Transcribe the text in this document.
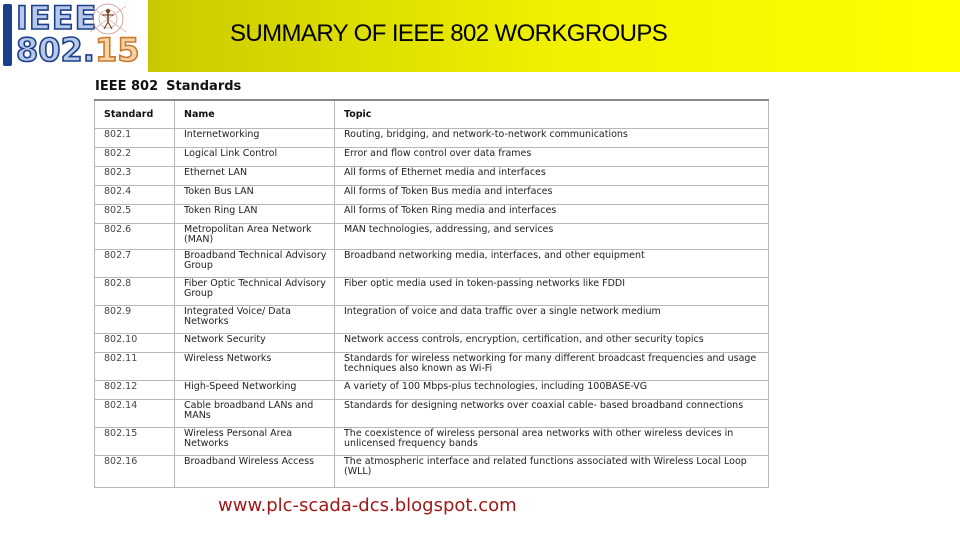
IEEE
802.15	SUMMARY OF IEEE 802 WORKGROUPS
IEEE 802 Standards
Standard	Name	Topic
802.1	Internetworking	Routing, bridging, and network-to-network communications
802.2	Logical Link Control	Error and flow control over data frames
802.3	Ethernet LAN	All forms of Ethernet media and interfaces
802.4	Token Bus LAN	All forms of Token Bus media and interfaces
802.5	Token Ring LAN	All forms of Token Ring media and interfaces
802.6	Metropolitan Area Network (MAN)	MAN technologies, addressing, and services
802.7	Broadband Technical Advisory Group	Broadband networking media, interfaces, and other equipment
802.8	Fiber Optic Technical Advisory Group	Fiber optic media used in token-passing networks like FDDI
802.9	Integrated Voice/ Data Networks	Integration of voice and data traffic over a single network medium
802.10	Network Security	Network access controls, encryption, certification, and other security topics
802.11	Wireless Networks	Standards for wireless networking for many different broadcast frequencies and usage techniques also known as Wi-Fi
802.12	High-Speed Networking	A variety of 100 Mbps-plus technologies, including 100BASE-VG
802.14	Cable broadband LANs and MANs	Standards for designing networks over coaxial cable- based broadband connections
802.15	Wireless Personal Area Networks	The coexistence of wireless personal area networks with other wireless devices in unlicensed frequency bands
802.16	Broadband Wireless Access	The atmospheric interface and related functions associated with Wireless Local Loop (WLL)
www.plc-scada-dcs.blogspot.com
